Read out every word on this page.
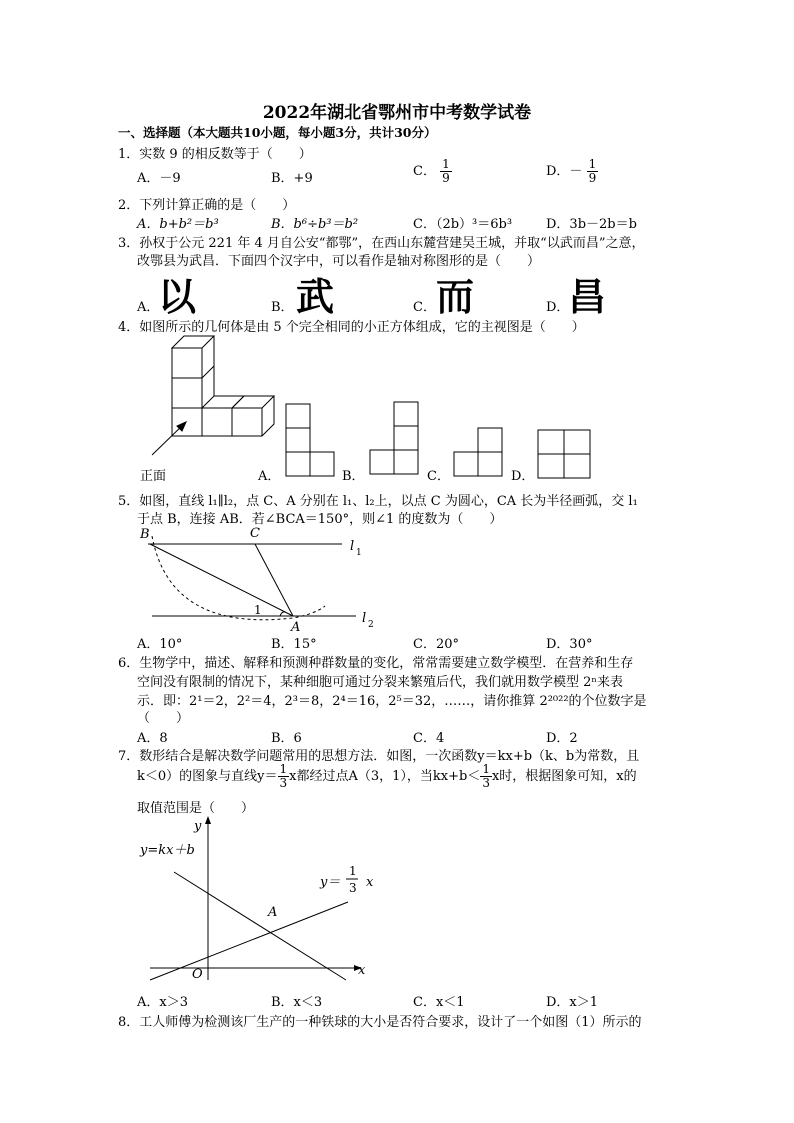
2022年湖北省鄂州市中考数学试卷
一、选择题（本大题共10小题，每小题3分，共计30分）
1．实数 9 的相反数等于（　　）
A．－9	B．+9	C． $\frac{1}{9}$	D．－ $\frac{1}{9}$
2．下列计算正确的是（　　）
A．b+b²＝b³	B．b⁶÷b³＝b²	C．（2b）³＝6b³	D．3b－2b＝b
3．孙权于公元 221 年 4 月自公安“都鄂”，在西山东麓营建吴王城，并取“以武而昌”之意，
改鄂县为武昌．下面四个汉字中，可以看作是轴对称图形的是（　　）
A．
以	B． 武	C． 而	D．
昌
4．如图所示的几何体是由 5 个完全相同的小正方体组成，它的主视图是（　　）
正面	A．	B．	C．	D．
5．如图，直线 l₁∥l₂，点 C、A 分别在 l₁、l₂上，以点 C 为圆心，CA 长为半径画弧，交 l₁
于点 B，连接 AB．若∠BCA＝150°，则∠1 的度数为（　　）
B	C
A
1
l 1
l 2
A．10°	B．15°	C．20°	D．30°
6．生物学中，描述、解释和预测种群数量的变化，常常需要建立数学模型．在营养和生存
空间没有限制的情况下，某种细胞可通过分裂来繁殖后代，我们就用数学模型 2ⁿ来表
示．即：2¹＝2，2²＝4，2³＝8，2⁴＝16，2⁵＝32，……，请你推算 2²⁰²²的个位数字是
（　　）
A．8	B．6	C．4	D．2
7．数形结合是解决数学问题常用的思想方法．如图，一次函数y＝kx+b（k、b为常数，且
k＜0）的图象与直线$y= \frac{1}{3}$ x都经过点A（3，1），当$kx+b< \frac{1}{3}$ x时，根据图象可知，x的
取值范围是（　　）
y
x
O
A
y=kx＋b
y＝
1
3 x
A．x＞3	B．x＜3	C．x＜1	D．x＞1
8．工人师傅为检测该厂生产的一种铁球的大小是否符合要求，设计了一个如图（1）所示的
